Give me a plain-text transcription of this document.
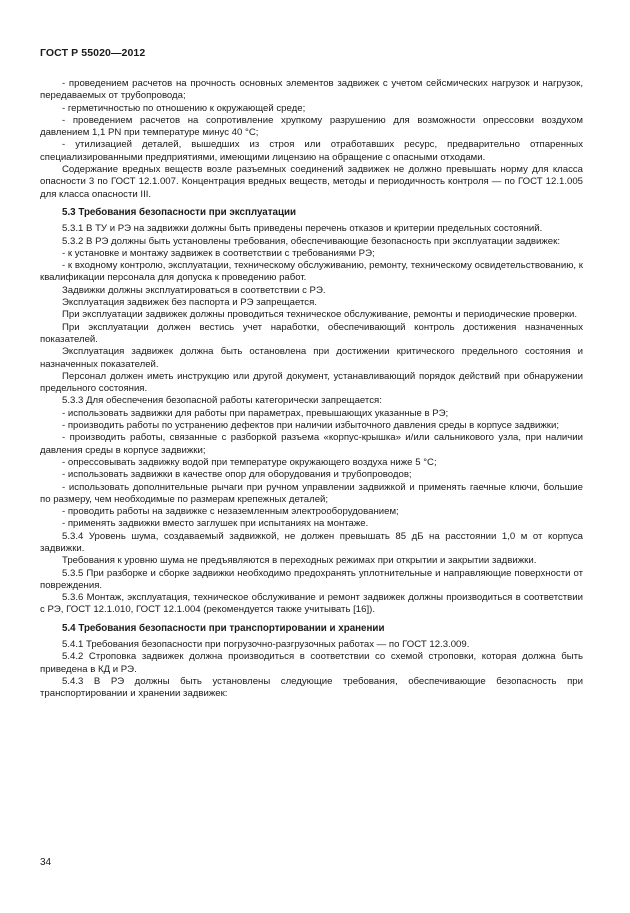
ГОСТ Р 55020—2012

- проведением расчетов на прочность основных элементов задвижек с учетом сейсмических нагрузок и нагрузок, передаваемых от трубопровода;

- герметичностью по отношению к окружающей среде;

- проведением расчетов на сопротивление хрупкому разрушению для возможности опрессовки воздухом давлением 1,1 PN при температуре минус 40 °C;

- утилизацией деталей, вышедших из строя или отработавших ресурс, предварительно отпаренных специализированными предприятиями, имеющими лицензию на обращение с опасными отходами.

Содержание вредных веществ возле разъемных соединений задвижек не должно превышать норму для класса опасности 3 по ГОСТ 12.1.007. Концентрация вредных веществ, методы и периодичность контроля — по ГОСТ 12.1.005 для класса опасности III.

5.3 Требования безопасности при эксплуатации

5.3.1 В ТУ и РЭ на задвижки должны быть приведены перечень отказов и критерии предельных состояний.

5.3.2 В РЭ должны быть установлены требования, обеспечивающие безопасность при эксплуатации задвижек:

- к установке и монтажу задвижек в соответствии с требованиями РЭ;

- к входному контролю, эксплуатации, техническому обслуживанию, ремонту, техническому освидетельствованию, к квалификации персонала для допуска к проведению работ.

Задвижки должны эксплуатироваться в соответствии с РЭ.

Эксплуатация задвижек без паспорта и РЭ запрещается.

При эксплуатации задвижек должны проводиться техническое обслуживание, ремонты и периодические проверки.

При эксплуатации должен вестись учет наработки, обеспечивающий контроль достижения назначенных показателей.

Эксплуатация задвижек должна быть остановлена при достижении критического предельного состояния и назначенных показателей.

Персонал должен иметь инструкцию или другой документ, устанавливающий порядок действий при обнаружении предельного состояния.

5.3.3 Для обеспечения безопасной работы категорически запрещается:

- использовать задвижки для работы при параметрах, превышающих указанные в РЭ;

- производить работы по устранению дефектов при наличии избыточного давления среды в корпусе задвижки;

- производить работы, связанные с разборкой разъема «корпус-крышка» и/или сальникового узла, при наличии давления среды в корпусе задвижки;

- опрессовывать задвижку водой при температуре окружающего воздуха ниже 5 °C;

- использовать задвижки в качестве опор для оборудования и трубопроводов;

- использовать дополнительные рычаги при ручном управлении задвижкой и применять гаечные ключи, большие по размеру, чем необходимые по размерам крепежных деталей;

- проводить работы на задвижке с незаземленным электрооборудованием;

- применять задвижки вместо заглушек при испытаниях на монтаже.

5.3.4 Уровень шума, создаваемый задвижкой, не должен превышать 85 дБ на расстоянии 1,0 м от корпуса задвижки.

Требования к уровню шума не предъявляются в переходных режимах при открытии и закрытии задвижки.

5.3.5 При разборке и сборке задвижки необходимо предохранять уплотнительные и направляющие поверхности от повреждения.

5.3.6 Монтаж, эксплуатация, техническое обслуживание и ремонт задвижек должны производиться в соответствии с РЭ, ГОСТ 12.1.010, ГОСТ 12.1.004 (рекомендуется также учитывать [16]).

5.4 Требования безопасности при транспортировании и хранении

5.4.1 Требования безопасности при погрузочно-разгрузочных работах — по ГОСТ 12.3.009.

5.4.2 Строповка задвижек должна производиться в соответствии со схемой строповки, которая должна быть приведена в КД и РЭ.

5.4.3 В РЭ должны быть установлены следующие требования, обеспечивающие безопасность при транспортировании и хранении задвижек:

34
